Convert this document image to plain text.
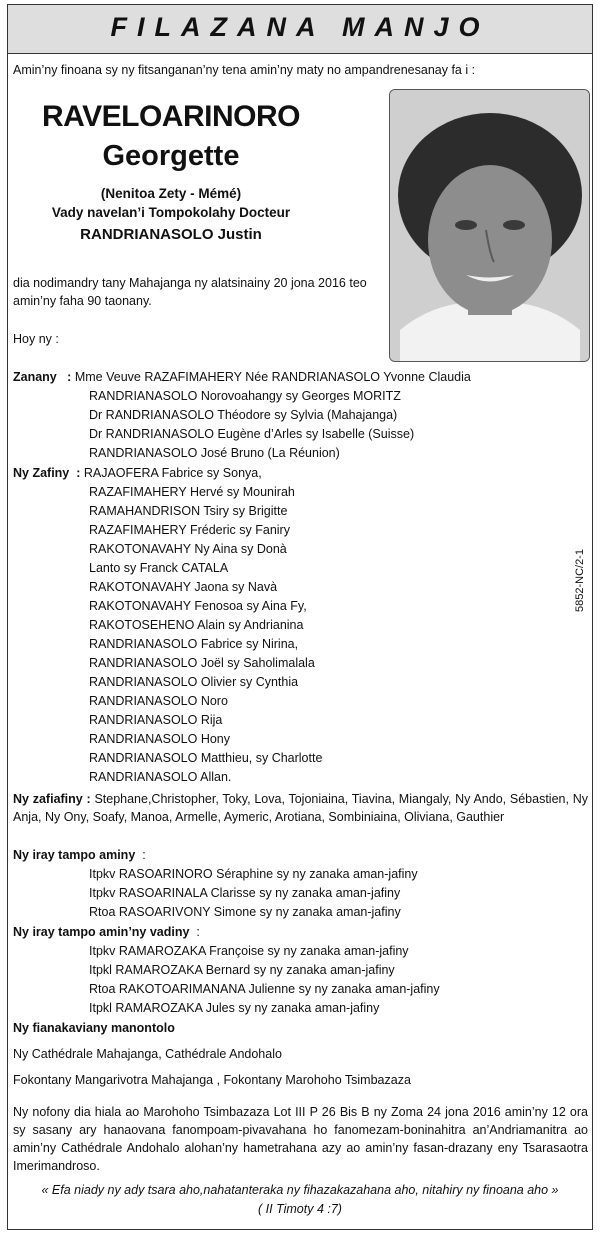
FILAZANA MANJO
Amin’ny finoana sy ny fitsanganan’ny tena amin’ny maty no ampandrenesanay fa i :
RAVELOARINORO
Georgette
(Nenitoa Zety - Mémé)
Vady navelan’i Tompokolahy Docteur
RANDRIANASOLO Justin
dia nodimandry tany Mahajanga ny alatsinainy 20 jona 2016 teo amin’ny faha 90 taonany.
Hoy ny :
Zanany   : Mme Veuve RAZAFIMAHERY Née RANDRIANASOLO Yvonne Claudia
RANDRIANASOLO Norovoahangy sy Georges MORITZ
Dr RANDRIANASOLO Théodore sy Sylvia (Mahajanga)
Dr RANDRIANASOLO Eugène d’Arles sy Isabelle (Suisse)
RANDRIANASOLO José Bruno (La Réunion)
Ny Zafiny  : RAJAOFERA Fabrice sy Sonya,
RAZAFIMAHERY Hervé sy Mounirah
RAMAHANDRISON Tsiry sy Brigitte
RAZAFIMAHERY Fréderic sy Faniry
RAKOTONAVAHY Ny Aina sy Donà
Lanto sy Franck CATALA
RAKOTONAVAHY Jaona sy Navà
RAKOTONAVAHY Fenosoa sy Aina Fy,
RAKOTOSEHENO Alain sy Andrianina
RANDRIANASOLO Fabrice sy Nirina,
RANDRIANASOLO Joël sy Saholimalala
RANDRIANASOLO Olivier sy Cynthia
RANDRIANASOLO Noro
RANDRIANASOLO Rija
RANDRIANASOLO Hony
RANDRIANASOLO Matthieu, sy Charlotte
RANDRIANASOLO Allan.
Ny zafiafiny : Stephane,Christopher, Toky, Lova, Tojoniaina, Tiavina, Miangaly, Ny Ando, Sébastien, Ny Anja, Ny Ony, Soafy, Manoa, Armelle, Aymeric, Arotiana, Sombiniaina, Oliviana, Gauthier
Ny iray tampo aminy  :
Itpkv RASOARINORO Séraphine sy ny zanaka aman-jafiny
Itpkv RASOARINALA Clarisse sy ny zanaka aman-jafiny
Rtoa RASOARIVONY Simone sy ny zanaka aman-jafiny
Ny iray tampo amin’ny vadiny  :
Itpkv RAMAROZAKA Françoise sy ny zanaka aman-jafiny
Itpkl RAMAROZAKA Bernard sy ny zanaka aman-jafiny
Rtoa RAKOTOARIMANANA Julienne sy ny zanaka aman-jafiny
Itpkl RAMAROZAKA Jules sy ny zanaka aman-jafiny
Ny fianakaviany manontolo
Ny Cathédrale Mahajanga, Cathédrale Andohalo
Fokontany Mangarivotra Mahajanga , Fokontany Marohoho Tsimbazaza
Ny nofony dia hiala ao Marohoho Tsimbazaza Lot III P 26 Bis B ny Zoma 24 jona 2016 amin’ny 12 ora sy sasany ary hanaovana fanompoam-pivavahana ho fanomezam-boninahitra an’Andriamanitra ao amin’ny Cathédrale Andohalo alohan’ny hametrahana azy ao amin’ny fasan-drazany eny Tsarasaotra Imerimandroso.
« Efa niady ny ady tsara aho,nahatanteraka ny fihazakazahana aho, nitahiry ny finoana aho »
( II Timoty 4 :7)
5852-NC/2-1
